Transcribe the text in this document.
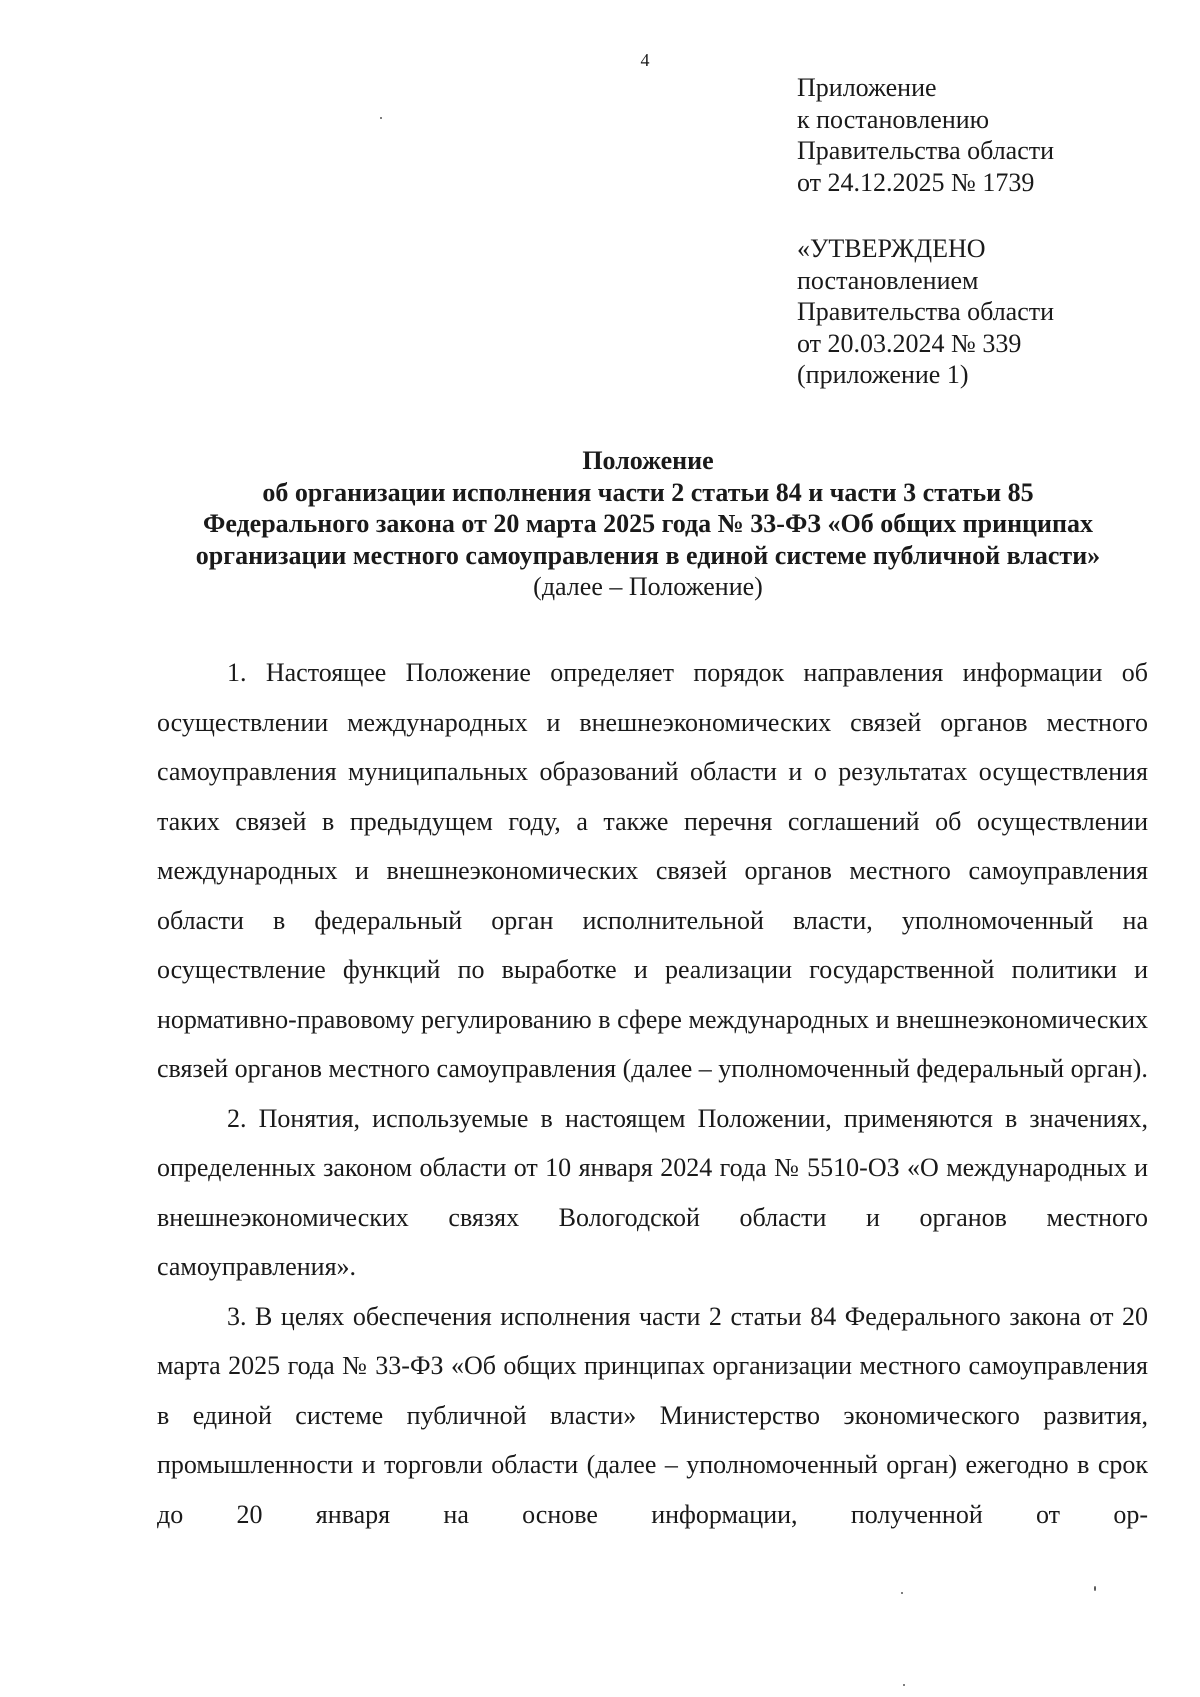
4
Приложение
к постановлению
Правительства области
от 24.12.2025 № 1739
«УТВЕРЖДЕНО
постановлением
Правительства области
от 20.03.2024 № 339
(приложение 1)
Положение
об организации исполнения части 2 статьи 84 и части 3 статьи 85
Федерального закона от 20 марта 2025 года № 33-ФЗ «Об общих принципах
организации местного самоуправления в единой системе публичной власти»
(далее – Положение)

1. Настоящее Положение определяет порядок направления информации об осуществлении международных и внешнеэкономических связей органов местного самоуправления муниципальных образований области и о результатах осуществления таких связей в предыдущем году, а также перечня соглашений об осуществлении международных и внешнеэкономических связей органов местного самоуправления области в федеральный орган исполнительной власти, уполномоченный на осуществление функций по выработке и реализации государственной политики и нормативно-правовому регулированию в сфере международных и внешнеэкономических связей органов местного самоуправления (далее – уполномоченный федеральный орган).

2. Понятия, используемые в настоящем Положении, применяются в значениях, определенных законом области от 10 января 2024 года № 5510-ОЗ «О международных и внешнеэкономических связях Вологодской области и органов местного самоуправления».

3. В целях обеспечения исполнения части 2 статьи 84 Федерального закона от 20 марта 2025 года № 33-ФЗ «Об общих принципах организации местного самоуправления в единой системе публичной власти» Министерство экономического развития, промышленности и торговли области (далее – уполномоченный орган) ежегодно в срок до 20 января на основе информации, полученной от ор-
